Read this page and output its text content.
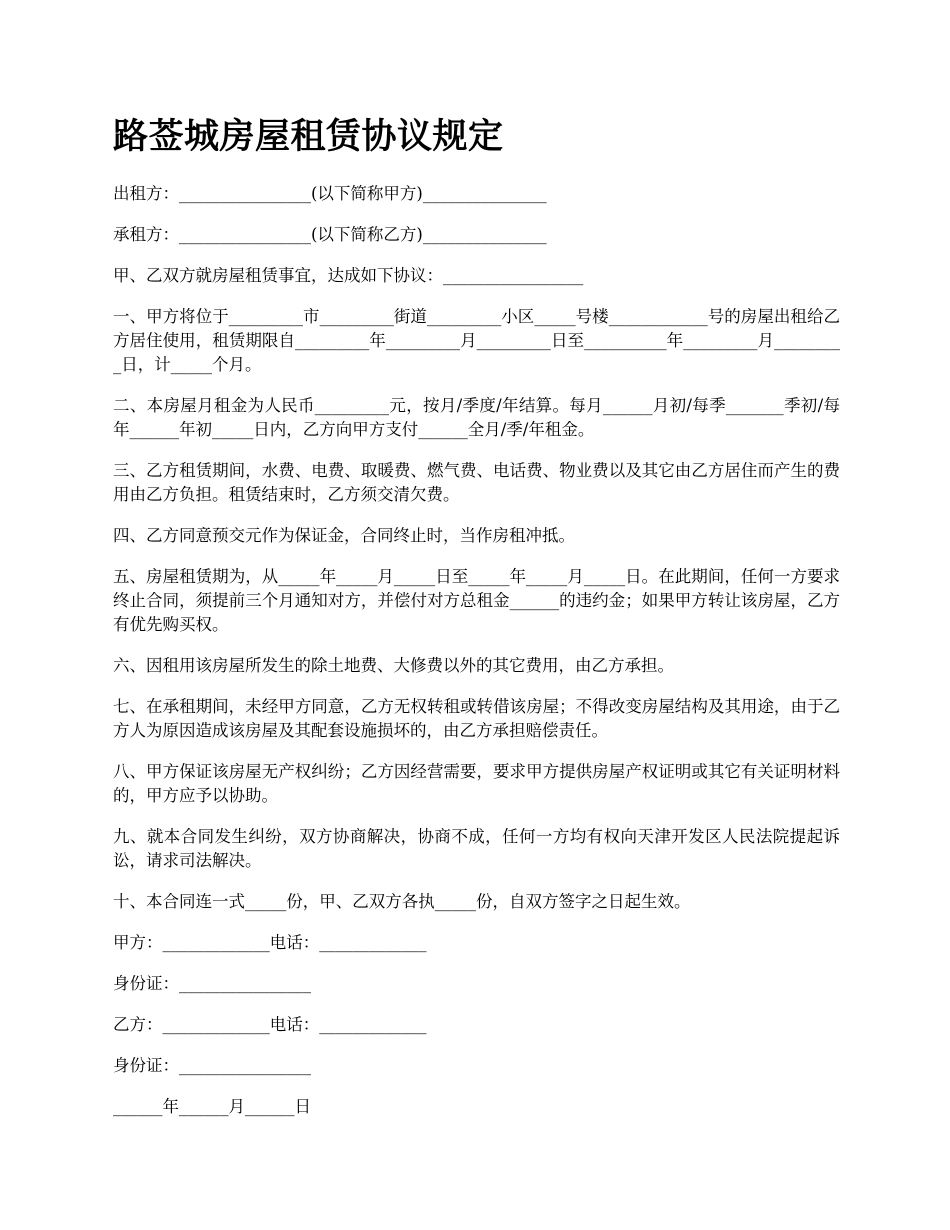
路莶城房屋租赁协议规定

出租方：________________(以下简称甲方)_______________

承租方：________________(以下简称乙方)_______________

甲、乙双方就房屋租赁事宜，达成如下协议：_________________

一、甲方将位于_________市_________街道_________小区_____号楼____________号的房屋出租给乙方居住使用，租赁期限自_________年_________月_________日至__________年_________月_________日，计_____个月。

二、本房屋月租金为人民币_________元，按月/季度/年结算。每月______月初/每季_______季初/每年______年初_____日内，乙方向甲方支付______全月/季/年租金。

三、乙方租赁期间，水费、电费、取暖费、燃气费、电话费、物业费以及其它由乙方居住而产生的费用由乙方负担。租赁结束时，乙方须交清欠费。

四、乙方同意预交元作为保证金，合同终止时，当作房租冲抵。

五、房屋租赁期为，从_____年_____月_____日至_____年_____月_____日。在此期间，任何一方要求终止合同，须提前三个月通知对方，并偿付对方总租金______的违约金；如果甲方转让该房屋，乙方有优先购买权。

六、因租用该房屋所发生的除土地费、大修费以外的其它费用，由乙方承担。

七、在承租期间，未经甲方同意，乙方无权转租或转借该房屋；不得改变房屋结构及其用途，由于乙方人为原因造成该房屋及其配套设施损坏的，由乙方承担赔偿责任。

八、甲方保证该房屋无产权纠纷；乙方因经营需要，要求甲方提供房屋产权证明或其它有关证明材料的，甲方应予以协助。

九、就本合同发生纠纷，双方协商解决，协商不成，任何一方均有权向天津开发区人民法院提起诉讼，请求司法解决。

十、本合同连一式_____份，甲、乙双方各执_____份，自双方签字之日起生效。

甲方：_____________电话：_____________

身份证：________________

乙方：_____________电话：_____________

身份证：________________

______年______月______日
